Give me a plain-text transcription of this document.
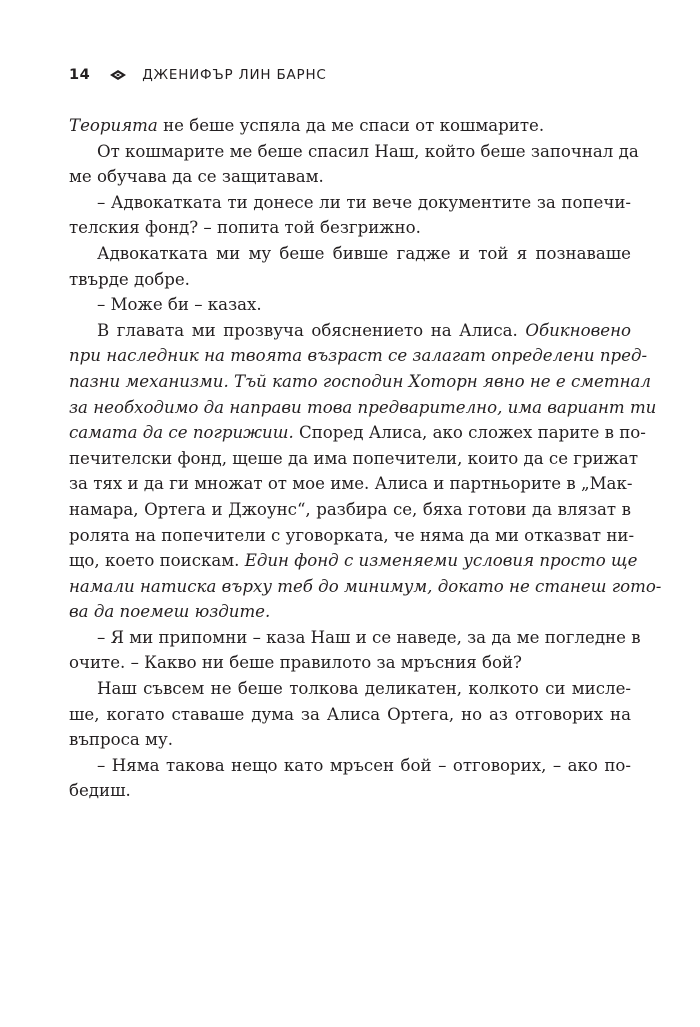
14	ДЖЕНИФЪР ЛИН БАРНС
Теорията не беше успяла да ме спаси от кошмарите.
От кошмарите ме беше спасил Наш, който беше започнал да
ме обучава да се защитавам.
– Адвокатката ти донесе ли ти вече документите за попечи-
телския фонд? – попита той безгрижно.
Адвокатката ми му беше бивше гадже и той я познаваше
твърде добре.
– Може би – казах.
В главата ми прозвуча обяснението на Алиса. Обикновено
при наследник на твоята възраст се залагат определени пред-
пазни механизми. Тъй като господин Хоторн явно не е сметнал
за необходимо да направи това предварително, има вариант ти
самата да се погрижиш. Според Алиса, ако сложех парите в по-
печителски фонд, щеше да има попечители, които да се грижат
за тях и да ги множат от мое име. Алиса и партньорите в „Мак-
намара, Ортега и Джоунс“, разбира се, бяха готови да влязат в
ролята на попечители с уговорката, че няма да ми отказват ни-
що, което поискам. Един фонд с изменяеми условия просто ще
намали натиска върху теб до минимум, докато не станеш гото-
ва да поемеш юздите.
– Я ми припомни – каза Наш и се наведе, за да ме погледне в
очите. – Какво ни беше правилото за мръсния бой?
Наш съвсем не беше толкова деликатен, колкото си мисле-
ше, когато ставаше дума за Алиса Ортега, но аз отговорих на
въпроса му.
– Няма такова нещо като мръсен бой – отговорих, – ако по-
бедиш.
